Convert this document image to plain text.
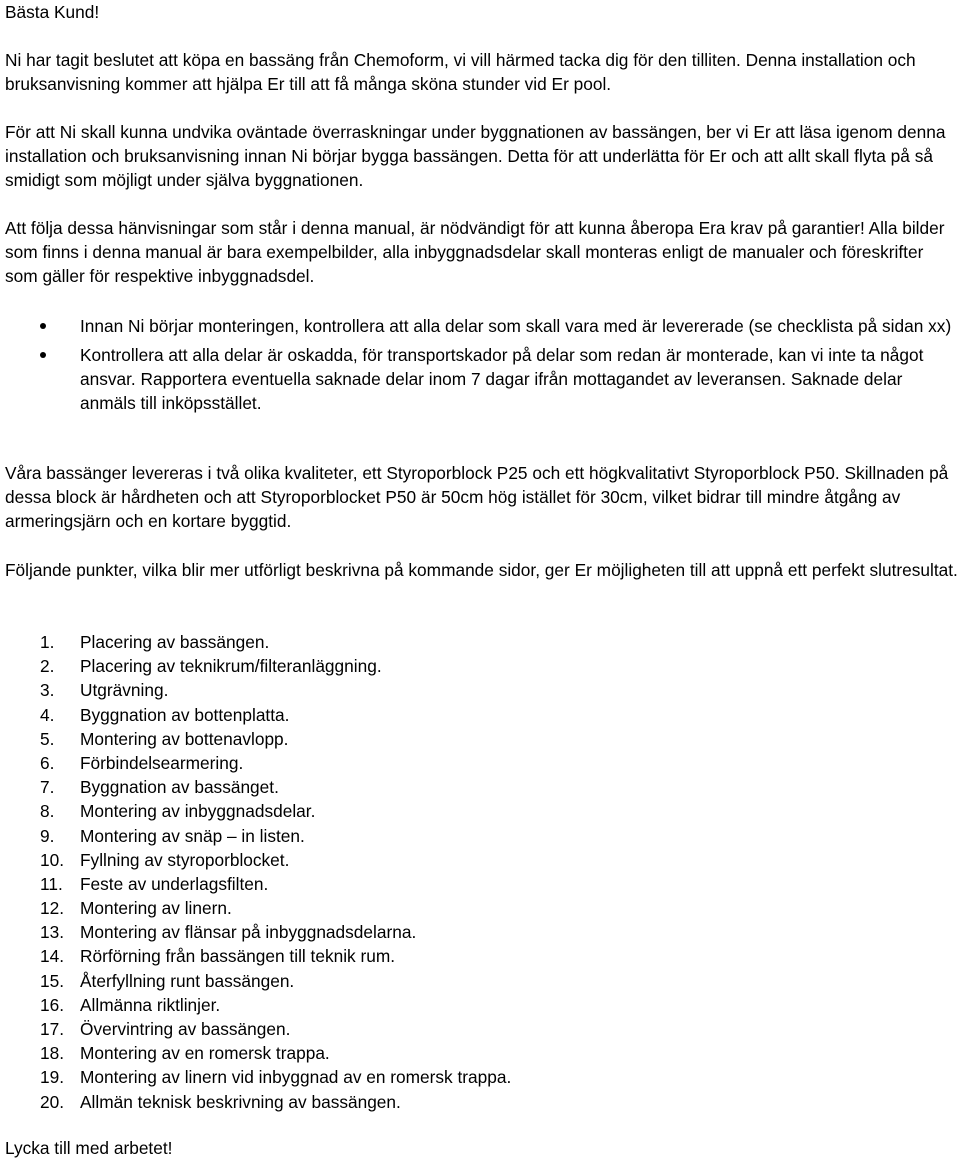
Bästa Kund!

Ni har tagit beslutet att köpa en bassäng från Chemoform, vi vill härmed tacka dig för den tilliten. Denna installation och bruksanvisning kommer att hjälpa Er till att få många sköna stunder vid Er pool.

För att Ni skall kunna undvika oväntade överraskningar under byggnationen av bassängen, ber vi Er att läsa igenom denna installation och bruksanvisning innan Ni börjar bygga bassängen. Detta för att underlätta för Er och att allt skall flyta på så smidigt som möjligt under själva byggnationen.

Att följa dessa hänvisningar som står i denna manual, är nödvändigt för att kunna åberopa Era krav på garantier! Alla bilder som finns i denna manual är bara exempelbilder, alla inbyggnadsdelar skall monteras enligt de manualer och föreskrifter som gäller för respektive inbyggnadsdel.

Innan Ni börjar monteringen, kontrollera att alla delar som skall vara med är levererade (se checklista på sidan xx)
Kontrollera att alla delar är oskadda, för transportskador på delar som redan är monterade, kan vi inte ta något ansvar. Rapportera eventuella saknade delar inom 7 dagar ifrån mottagandet av leveransen. Saknade delar anmäls till inköpsstället.

Våra bassänger levereras i två olika kvaliteter, ett Styroporblock P25 och ett högkvalitativt Styroporblock P50. Skillnaden på dessa block är hårdheten och att Styroporblocket P50 är 50cm hög istället för 30cm, vilket bidrar till mindre åtgång av armeringsjärn och en kortare byggtid.

Följande punkter, vilka blir mer utförligt beskrivna på kommande sidor, ger Er möjligheten till att uppnå ett perfekt slutresultat.

1. Placering av bassängen.
2. Placering av teknikrum/filteranläggning.
3. Utgrävning.
4. Byggnation av bottenplatta.
5. Montering av bottenavlopp.
6. Förbindelsearmering.
7. Byggnation av bassänget.
8. Montering av inbyggnadsdelar.
9. Montering av snäp – in listen.
10. Fyllning av styroporblocket.
11. Feste av underlagsfilten.
12. Montering av linern.
13. Montering av flänsar på inbyggnadsdelarna.
14. Rörförning från bassängen till teknik rum.
15. Återfyllning runt bassängen.
16. Allmänna riktlinjer.
17. Övervintring av bassängen.
18. Montering av en romersk trappa.
19. Montering av linern vid inbyggnad av en romersk trappa.
20. Allmän teknisk beskrivning av bassängen.

Lycka till med arbetet!
